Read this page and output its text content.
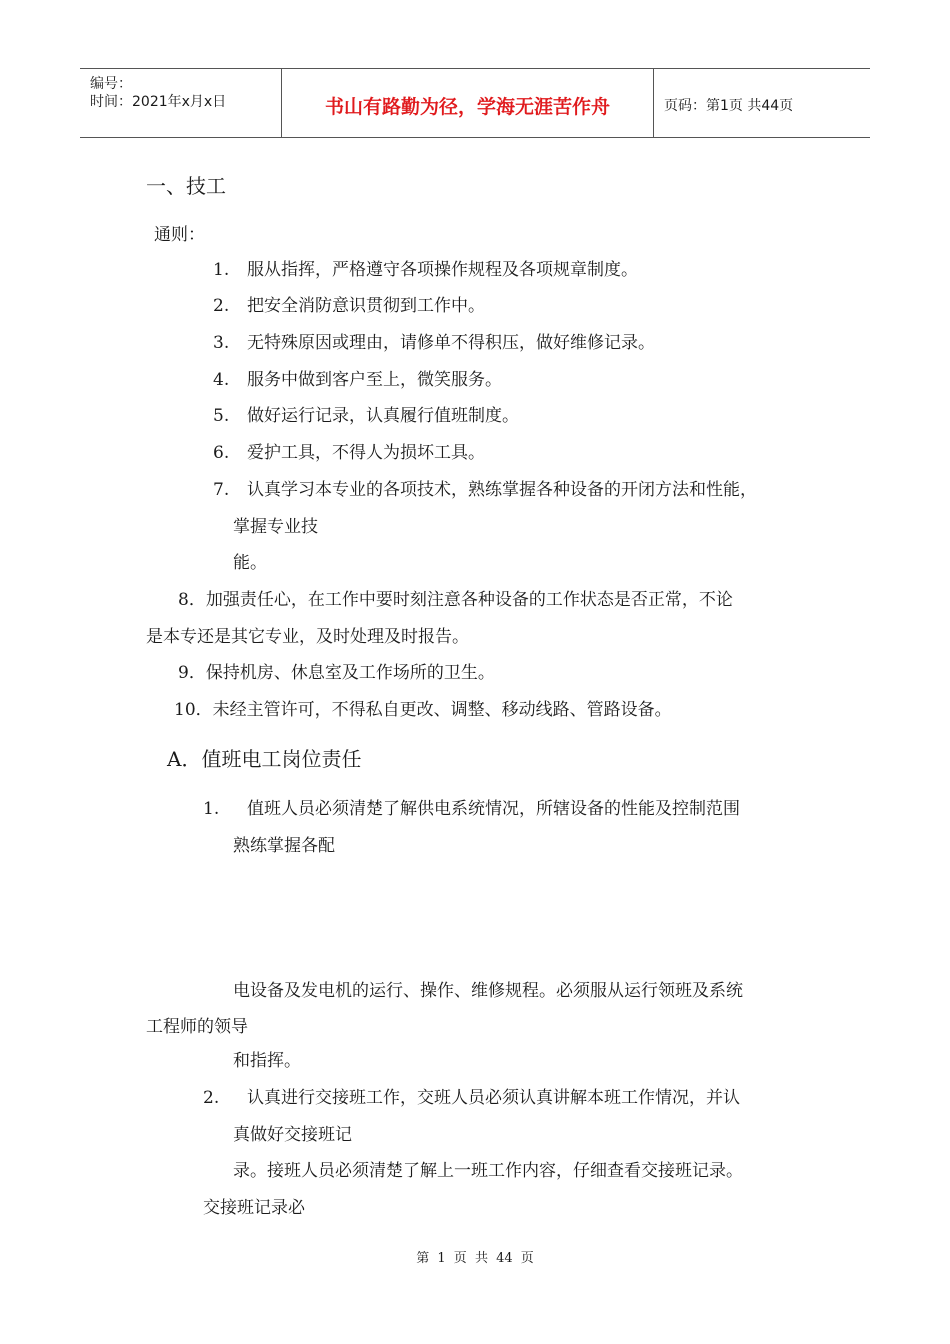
编号：
时间：2021年x月x日	书山有路勤为径，学海无涯苦作舟	页码：第1页 共44页
一、技工
通则：
1. 服从指挥，严格遵守各项操作规程及各项规章制度。
2. 把安全消防意识贯彻到工作中。
3. 无特殊原因或理由，请修单不得积压，做好维修记录。
4. 服务中做到客户至上，微笑服务。
5. 做好运行记录，认真履行值班制度。
6. 爱护工具，不得人为损坏工具。
7. 认真学习本专业的各项技术，熟练掌握各种设备的开闭方法和性能，
掌握专业技
能。
8．加强责任心，在工作中要时刻注意各种设备的工作状态是否正常，不论
是本专还是其它专业，及时处理及时报告。
9．保持机房、休息室及工作场所的卫生。
10．未经主管许可，不得私自更改、调整、移动线路、管路设备。
A．值班电工岗位责任
1. 值班人员必须清楚了解供电系统情况，所辖设备的性能及控制范围
熟练掌握各配
电设备及发电机的运行、操作、维修规程。必须服从运行领班及系统
工程师的领导
和指挥。
2. 认真进行交接班工作，交班人员必须认真讲解本班工作情况，并认
真做好交接班记
录。接班人员必须清楚了解上一班工作内容，仔细查看交接班记录。
交接班记录必
第 1 页 共 44 页
